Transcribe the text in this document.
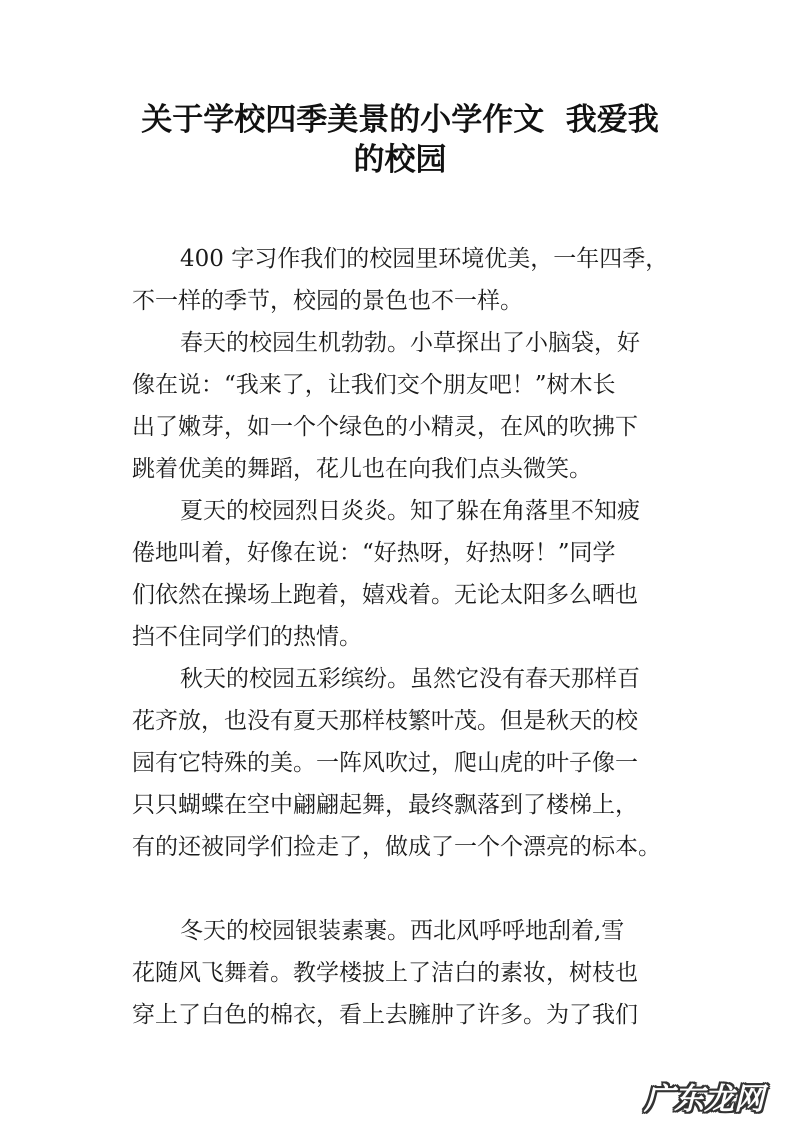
关于学校四季美景的小学作文  我爱我
的校园
400 字习作我们的校园里环境优美，一年四季，
不一样的季节，校园的景色也不一样。
春天的校园生机勃勃。小草探出了小脑袋，好
像在说：“我来了，让我们交个朋友吧！”树木长
出了嫩芽，如一个个绿色的小精灵，在风的吹拂下
跳着优美的舞蹈，花儿也在向我们点头微笑。
夏天的校园烈日炎炎。知了躲在角落里不知疲
倦地叫着，好像在说：“好热呀，好热呀！”同学
们依然在操场上跑着，嬉戏着。无论太阳多么晒也
挡不住同学们的热情。
秋天的校园五彩缤纷。虽然它没有春天那样百
花齐放，也没有夏天那样枝繁叶茂。但是秋天的校
园有它特殊的美。一阵风吹过，爬山虎的叶子像一
只只蝴蝶在空中翩翩起舞，最终飘落到了楼梯上，
有的还被同学们捡走了，做成了一个个漂亮的标本。
冬天的校园银装素裹。西北风呼呼地刮着,雪
花随风飞舞着。教学楼披上了洁白的素妆，树枝也
穿上了白色的棉衣，看上去臃肿了许多。为了我们
广东龙网
